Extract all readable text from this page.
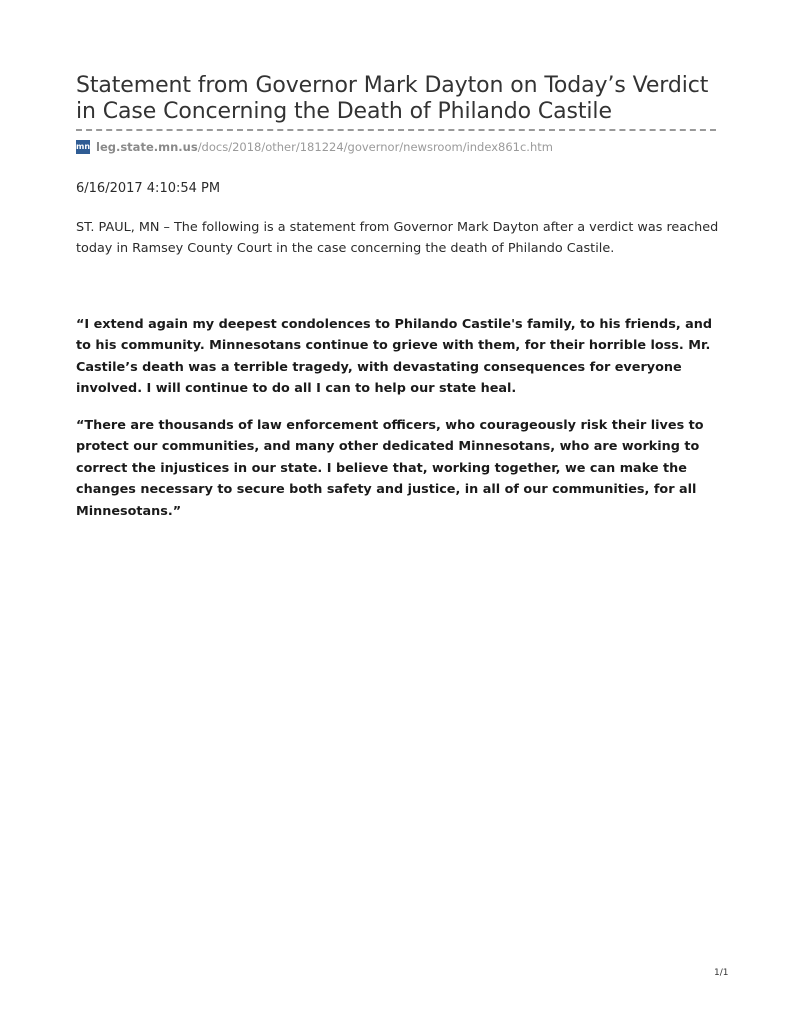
Statement from Governor Mark Dayton on Today’s Verdict in Case Concerning the Death of Philando Castile
mn leg.state.mn.us /docs/2018/other/181224/governor/newsroom/index861c.htm
6/16/2017 4:10:54 PM

ST. PAUL, MN – The following is a statement from Governor Mark Dayton after a verdict was reached today in Ramsey County Court in the case concerning the death of Philando Castile.

“I extend again my deepest condolences to Philando Castile's family, to his friends, and to his community. Minnesotans continue to grieve with them, for their horrible loss. Mr. Castile’s death was a terrible tragedy, with devastating consequences for everyone involved. I will continue to do all I can to help our state heal.

“There are thousands of law enforcement officers, who courageously risk their lives to protect our communities, and many other dedicated Minnesotans, who are working to correct the injustices in our state. I believe that, working together, we can make the changes necessary to secure both safety and justice, in all of our communities, for all Minnesotans.”

1/1
